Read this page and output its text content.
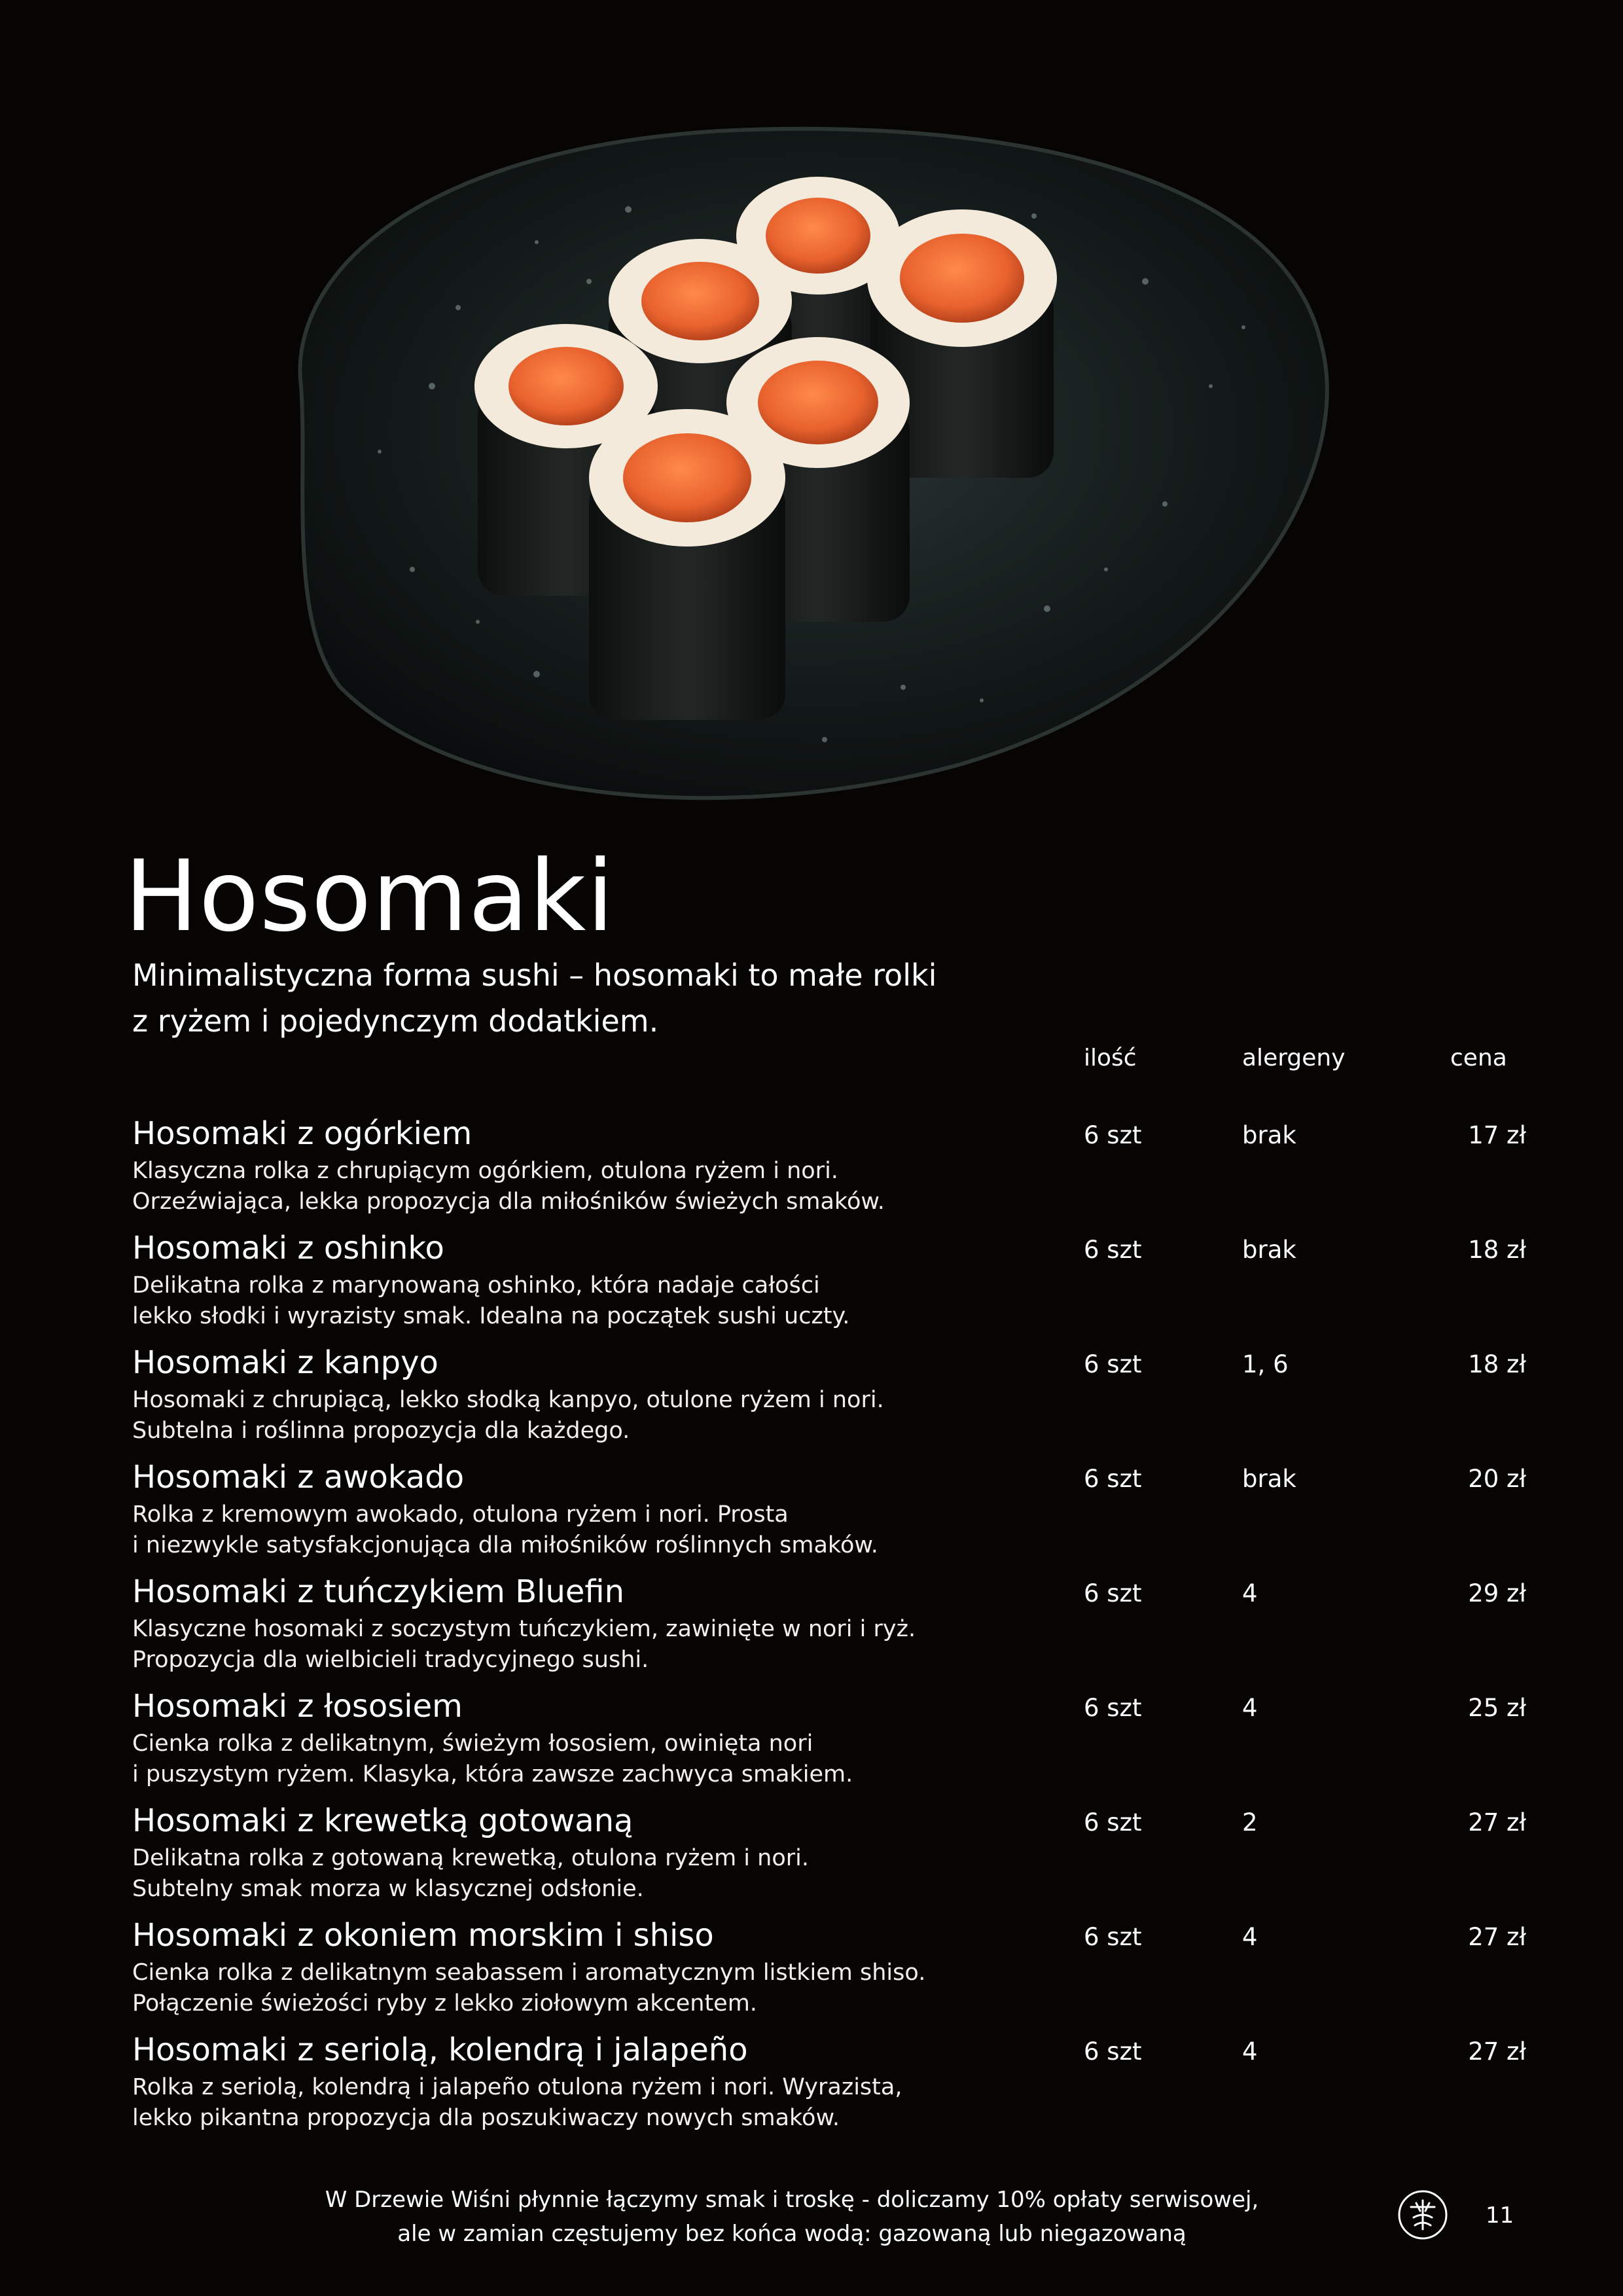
Hosomaki

Minimalistyczna forma sushi – hosomaki to małe rolki
z ryżem i pojedynczym dodatkiem.

ilość	alergeny	cena
Hosomaki z ogórkiem
Klasyczna rolka z chrupiącym ogórkiem, otulona ryżem i nori.
Orzeźwiająca, lekka propozycja dla miłośników świeżych smaków.
6 szt	brak	17 zł
Hosomaki z oshinko
Delikatna rolka z marynowaną oshinko, która nadaje całości
lekko słodki i wyrazisty smak. Idealna na początek sushi uczty.
6 szt	brak	18 zł
Hosomaki z kanpyo
Hosomaki z chrupiącą, lekko słodką kanpyo, otulone ryżem i nori.
Subtelna i roślinna propozycja dla każdego.
6 szt	1, 6	18 zł
Hosomaki z awokado
Rolka z kremowym awokado, otulona ryżem i nori. Prosta
i niezwykle satysfakcjonująca dla miłośników roślinnych smaków.
6 szt	brak	20 zł
Hosomaki z tuńczykiem Bluefin
Klasyczne hosomaki z soczystym tuńczykiem, zawinięte w nori i ryż.
Propozycja dla wielbicieli tradycyjnego sushi.
6 szt	4	29 zł
Hosomaki z łososiem
Cienka rolka z delikatnym, świeżym łososiem, owinięta nori
i puszystym ryżem. Klasyka, która zawsze zachwyca smakiem.
6 szt	4	25 zł
Hosomaki z krewetką gotowaną
Delikatna rolka z gotowaną krewetką, otulona ryżem i nori.
Subtelny smak morza w klasycznej odsłonie.
6 szt	2	27 zł
Hosomaki z okoniem morskim i shiso
Cienka rolka z delikatnym seabassem i aromatycznym listkiem shiso.
Połączenie świeżości ryby z lekko ziołowym akcentem.
6 szt	4	27 zł
Hosomaki z seriolą, kolendrą i jalapeño
Rolka z seriolą, kolendrą i jalapeño otulona ryżem i nori. Wyrazista,
lekko pikantna propozycja dla poszukiwaczy nowych smaków.
6 szt	4	27 zł
W Drzewie Wiśni płynnie łączymy smak i troskę - doliczamy 10% opłaty serwisowej,
ale w zamian częstujemy bez końca wodą: gazowaną lub niegazowaną
11
